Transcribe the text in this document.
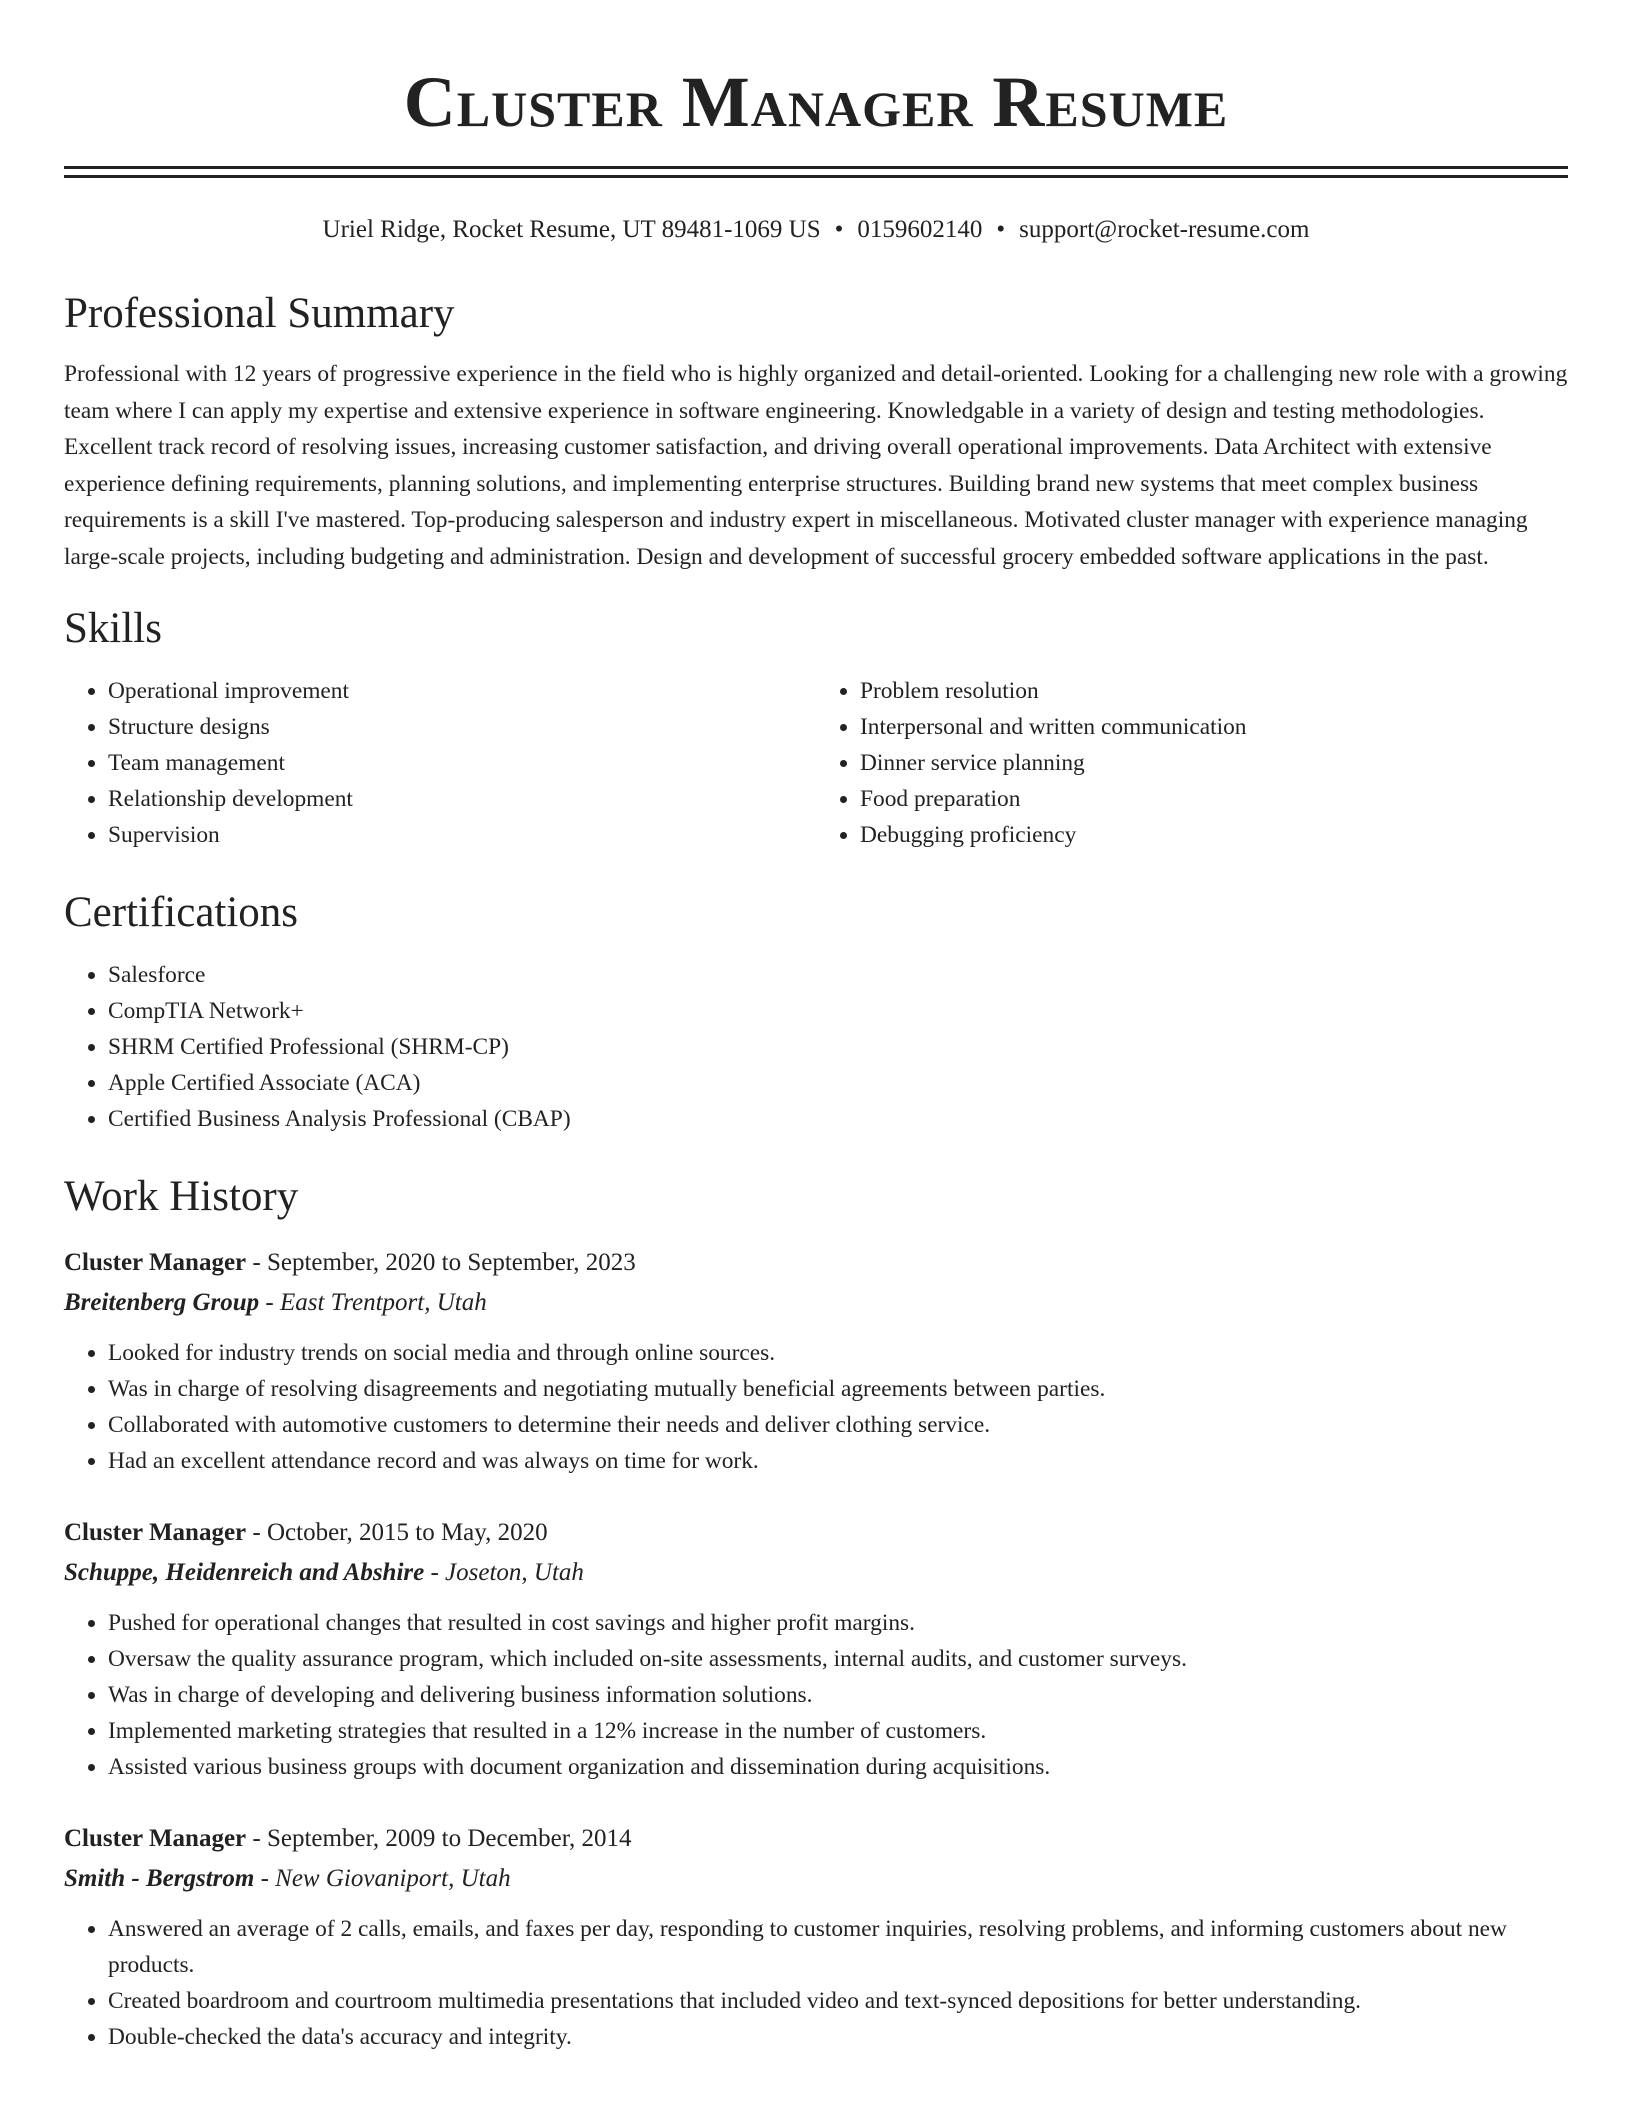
Cluster Manager Resume
Uriel Ridge, Rocket Resume, UT 89481-1069 US • 0159602140 • support@rocket-resume.com
Professional Summary

Professional with 12 years of progressive experience in the field who is highly organized and detail-oriented. Looking for a challenging new role with a growing team where I can apply my expertise and extensive experience in software engineering. Knowledgable in a variety of design and testing methodologies. Excellent track record of resolving issues, increasing customer satisfaction, and driving overall operational improvements. Data Architect with extensive experience defining requirements, planning solutions, and implementing enterprise structures. Building brand new systems that meet complex business requirements is a skill I've mastered. Top-producing salesperson and industry expert in miscellaneous. Motivated cluster manager with experience managing large-scale projects, including budgeting and administration. Design and development of successful grocery embedded software applications in the past.

Skills
• Operational improvement
• Structure designs
• Team management
• Relationship development
• Supervision
• Problem resolution
• Interpersonal and written communication
• Dinner service planning
• Food preparation
• Debugging proficiency
Certifications
• Salesforce
• CompTIA Network+
• SHRM Certified Professional (SHRM-CP)
• Apple Certified Associate (ACA)
• Certified Business Analysis Professional (CBAP)
Work History

Cluster Manager - September, 2020 to September, 2023

Breitenberg Group - East Trentport, Utah

• Looked for industry trends on social media and through online sources.
• Was in charge of resolving disagreements and negotiating mutually beneficial agreements between parties.
• Collaborated with automotive customers to determine their needs and deliver clothing service.
• Had an excellent attendance record and was always on time for work.

Cluster Manager - October, 2015 to May, 2020

Schuppe, Heidenreich and Abshire - Joseton, Utah

• Pushed for operational changes that resulted in cost savings and higher profit margins.
• Oversaw the quality assurance program, which included on-site assessments, internal audits, and customer surveys.
• Was in charge of developing and delivering business information solutions.
• Implemented marketing strategies that resulted in a 12% increase in the number of customers.
• Assisted various business groups with document organization and dissemination during acquisitions.

Cluster Manager - September, 2009 to December, 2014

Smith - Bergstrom - New Giovaniport, Utah

• Answered an average of 2 calls, emails, and faxes per day, responding to customer inquiries, resolving problems, and informing customers about new products.
• Created boardroom and courtroom multimedia presentations that included video and text-synced depositions for better understanding.
• Double-checked the data's accuracy and integrity.
